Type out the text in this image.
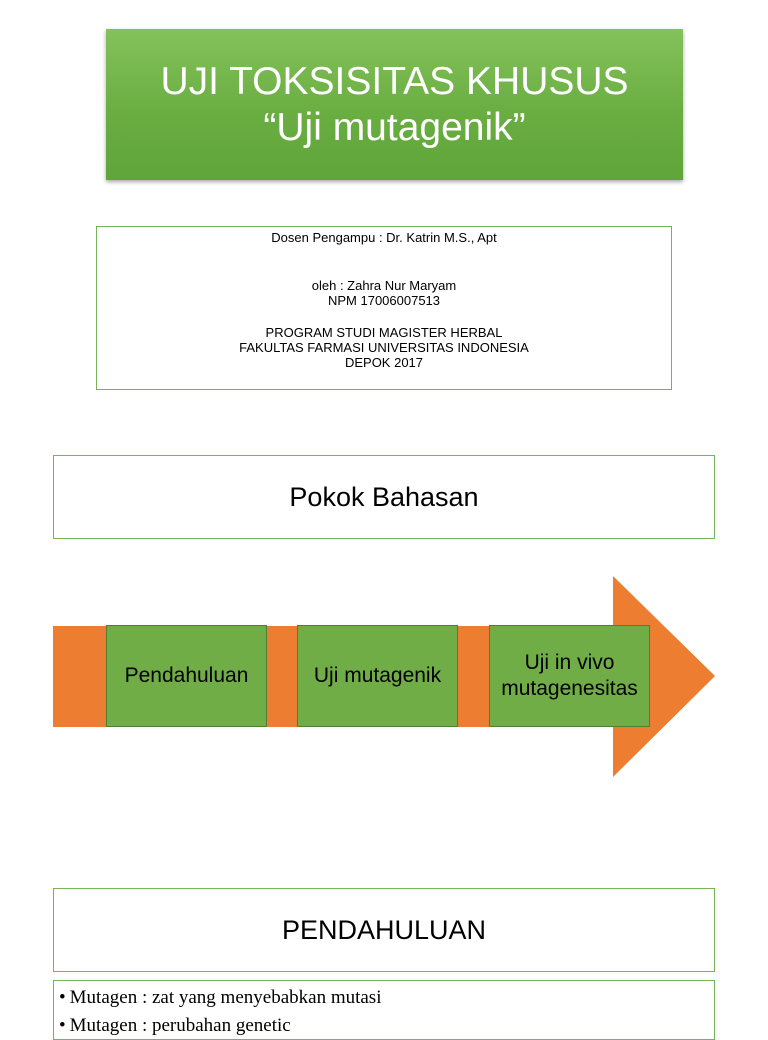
UJI TOKSISITAS KHUSUS
“Uji mutagenik”
Dosen Pengampu : Dr. Katrin M.S., Apt
oleh : Zahra Nur Maryam
NPM 17006007513
PROGRAM STUDI MAGISTER HERBAL
FAKULTAS FARMASI UNIVERSITAS INDONESIA
DEPOK 2017
Pokok Bahasan
Pendahuluan	Uji mutagenik
Uji in vivo mutagenesitas
PENDAHULUAN
• Mutagen : zat yang menyebabkan mutasi
• Mutagen : perubahan genetic
